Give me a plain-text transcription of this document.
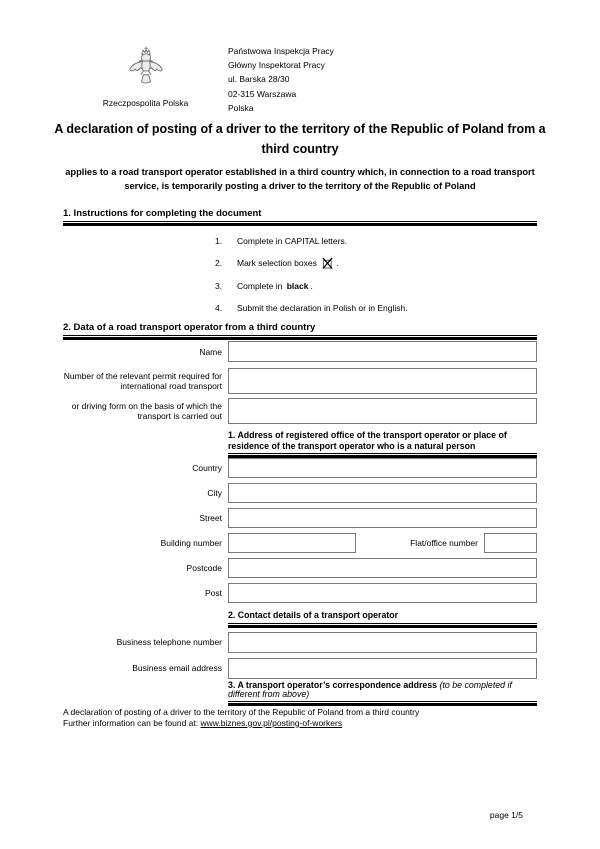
Rzeczpospolita Polska
Państwowa Inspekcja Pracy
Główny Inspektorat Pracy
ul. Barska 28/30
02-315 Warszawa
Polska
A declaration of posting of a driver to the territory of the Republic of Poland from a third country
applies to a road transport operator established in a third country which, in connection to a road transport service, is temporarily posting a driver to the territory of the Republic of Poland
1. Instructions for completing the document
1.	Complete in CAPITAL letters.
2.	Mark selection boxes .
3.	Complete in black .
4.	Submit the declaration in Polish or in English.
2. Data of a road transport operator from a third country
Name
Number of the relevant permit required for international road transport
or driving form on the basis of which the transport is carried out
1. Address of registered office of the transport operator or place of residence of the transport operator who is a natural person
Country
City
Street
Building number	Flat/office number
Postcode
Post
2. Contact details of a transport operator
Business telephone number
Business email address
3. A transport operator’s correspondence address (to be completed if different from above)
A declaration of posting of a driver to the territory of the Republic of Poland from a third country
Further information can be found at: www.biznes.gov.pl/posting-of-workers
page 1/5
